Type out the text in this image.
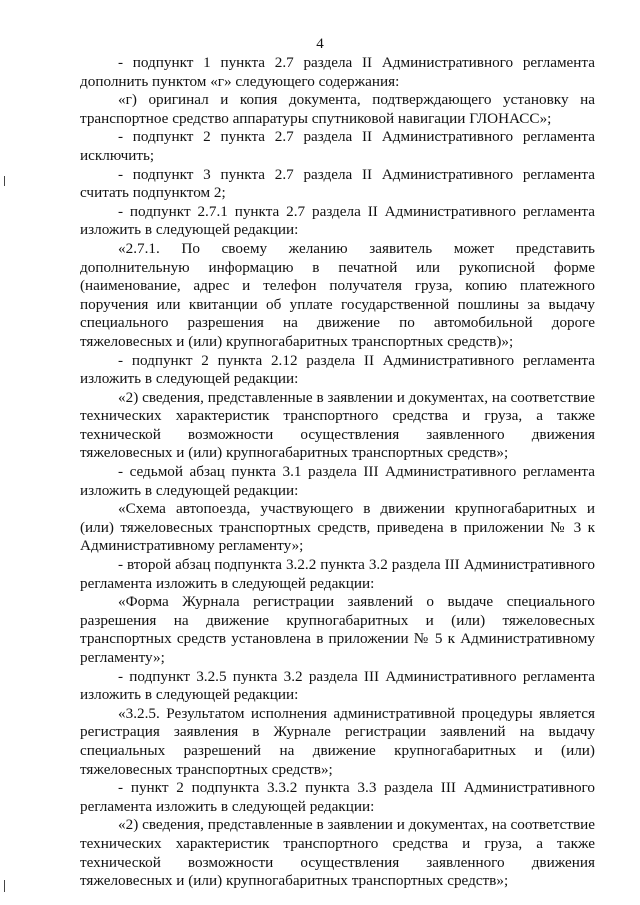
4

- подпункт 1 пункта 2.7 раздела II Административного регламента дополнить пунктом «г» следующего содержания:

«г) оригинал и копия документа, подтверждающего установку на транспортное средство аппаратуры спутниковой навигации ГЛОНАСС»;

- подпункт 2 пункта 2.7 раздела II Административного регламента исключить;

- подпункт 3 пункта 2.7 раздела II Административного регламента считать подпунктом 2;

- подпункт 2.7.1 пункта 2.7 раздела II Административного регламента изложить в следующей редакции:

«2.7.1. По своему желанию заявитель может представить дополнительную информацию в печатной или рукописной форме (наименование, адрес и телефон получателя груза, копию платежного поручения или квитанции об уплате государственной пошлины за выдачу специального разрешения на движение по автомобильной дороге тяжеловесных и (или) крупногабаритных транспортных средств)»;

- подпункт 2 пункта 2.12 раздела II Административного регламента изложить в следующей редакции:

«2) сведения, представленные в заявлении и документах, на соответствие технических характеристик транспортного средства и груза, а также технической возможности осуществления заявленного движения тяжеловесных и (или) крупногабаритных транспортных средств»;

- седьмой абзац пункта 3.1 раздела III Административного регламента изложить в следующей редакции:

«Схема автопоезда, участвующего в движении крупногабаритных и (или) тяжеловесных транспортных средств, приведена в приложении № 3 к Административному регламенту»;

- второй абзац подпункта 3.2.2 пункта 3.2 раздела III Административного регламента изложить в следующей редакции:

«Форма Журнала регистрации заявлений о выдаче специального разрешения на движение крупногабаритных и (или) тяжеловесных транспортных средств установлена в приложении № 5 к Административному регламенту»;

- подпункт 3.2.5 пункта 3.2 раздела III Административного регламента изложить в следующей редакции:

«3.2.5. Результатом исполнения административной процедуры является регистрация заявления в Журнале регистрации заявлений на выдачу специальных разрешений на движение крупногабаритных и (или) тяжеловесных транспортных средств»;

- пункт 2 подпункта 3.3.2 пункта 3.3 раздела III Административного регламента изложить в следующей редакции:

«2) сведения, представленные в заявлении и документах, на соответствие технических характеристик транспортного средства и груза, а также технической возможности осуществления заявленного движения тяжеловесных и (или) крупногабаритных транспортных средств»;
